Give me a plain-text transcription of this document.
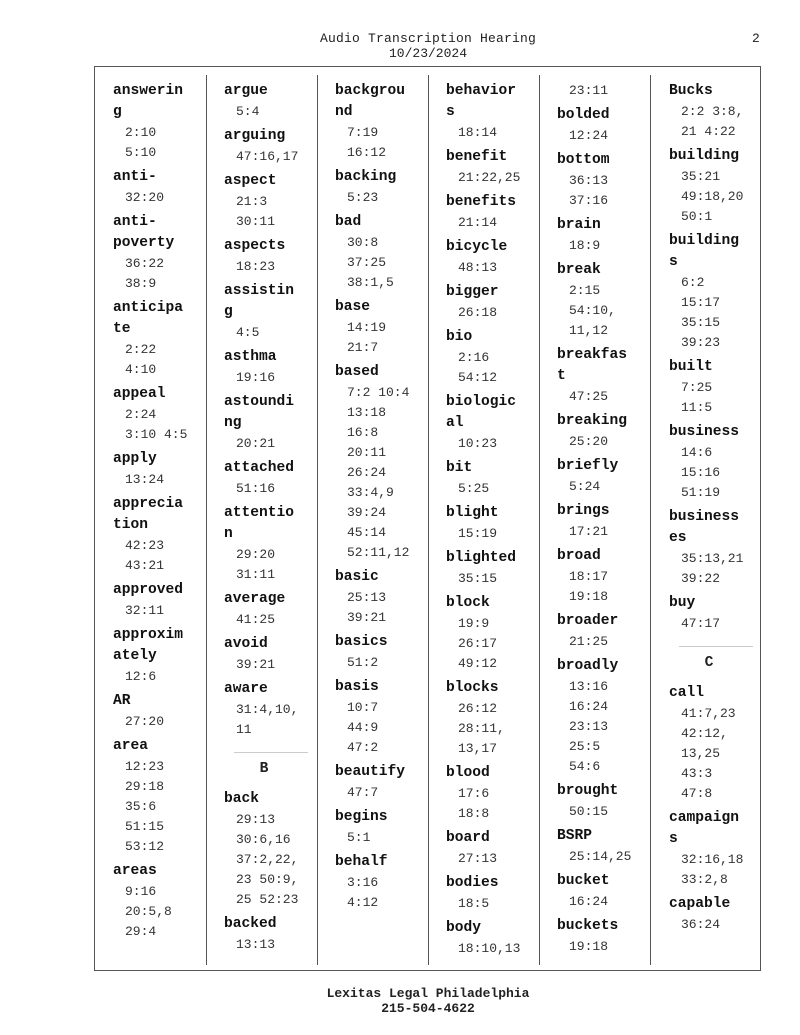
Audio Transcription Hearing
10/23/2024
2
answerin
g
2:10
5:10
anti-
32:20
anti-
poverty
36:22
38:9
anticipa
te
2:22
4:10
appeal
2:24
3:10 4:5
apply
13:24
apprecia
tion
42:23
43:21
approved
32:11
approxim
ately
12:6
AR
27:20
area
12:23
29:18
35:6
51:15
53:12
areas
9:16
20:5,8
29:4
argue
5:4
arguing
47:16,17
aspect
21:3
30:11
aspects
18:23
assistin
g
4:5
asthma
19:16
astoundi
ng
20:21
attached
51:16
attentio
n
29:20
31:11
average
41:25
avoid
39:21
aware
31:4,10,
11
B
back
29:13
30:6,16
37:2,22,
23 50:9,
25 52:23
backed
13:13
backgrou
nd
7:19
16:12
backing
5:23
bad
30:8
37:25
38:1,5
base
14:19
21:7
based
7:2 10:4
13:18
16:8
20:11
26:24
33:4,9
39:24
45:14
52:11,12
basic
25:13
39:21
basics
51:2
basis
10:7
44:9
47:2
beautify
47:7
begins
5:1
behalf
3:16
4:12
behavior
s
18:14
benefit
21:22,25
benefits
21:14
bicycle
48:13
bigger
26:18
bio
2:16
54:12
biologic
al
10:23
bit
5:25
blight
15:19
blighted
35:15
block
19:9
26:17
49:12
blocks
26:12
28:11,
13,17
blood
17:6
18:8
board
27:13
bodies
18:5
body
18:10,13
23:11
bolded
12:24
bottom
36:13
37:16
brain
18:9
break
2:15
54:10,
11,12
breakfas
t
47:25
breaking
25:20
briefly
5:24
brings
17:21
broad
18:17
19:18
broader
21:25
broadly
13:16
16:24
23:13
25:5
54:6
brought
50:15
BSRP
25:14,25
bucket
16:24
buckets
19:18
Bucks
2:2 3:8,
21 4:22
building
35:21
49:18,20
50:1
building
s
6:2
15:17
35:15
39:23
built
7:25
11:5
business
14:6
15:16
51:19
business
es
35:13,21
39:22
buy
47:17
C
call
41:7,23
42:12,
13,25
43:3
47:8
campaign
s
32:16,18
33:2,8
capable
36:24
Lexitas Legal Philadelphia
215-504-4622
